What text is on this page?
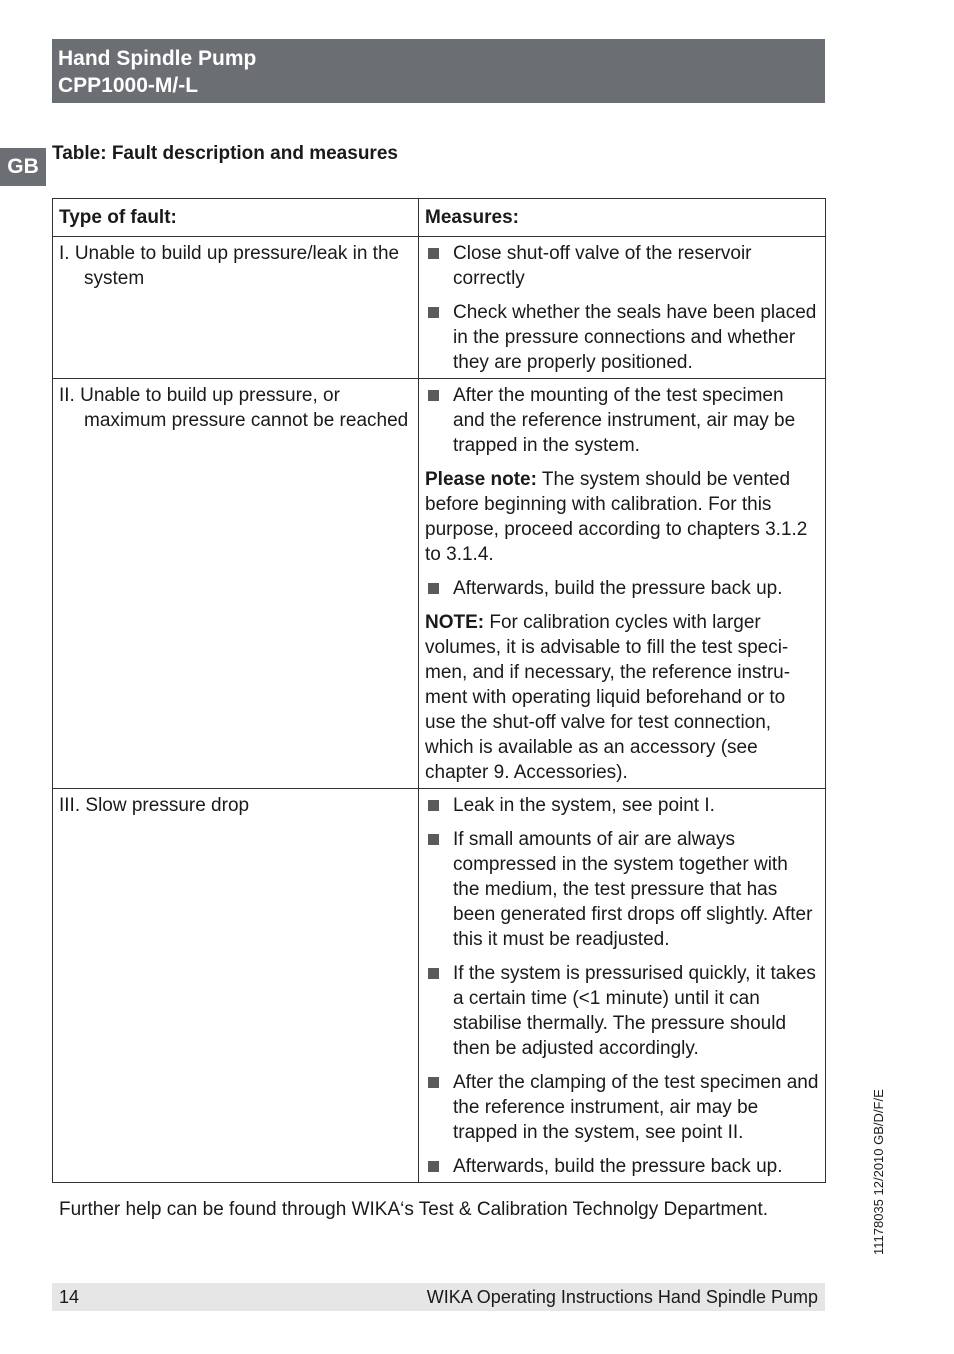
Hand Spindle Pump
CPP1000-M/-L
GB
Table: Fault description and measures
Type of fault:	Measures:

I. Unable to build up pressure/leak in the system	Close shut-off valve of the reservoir correctly
Check whether the seals have been placed in the pressure connections and whether they are properly positioned.

II. Unable to build up pressure, or maximum pressure cannot be reached	After the mounting of the test specimen and the reference instrument, air may be trapped in the system.
Please note: The system should be vented before beginning with calibration. For this purpose, proceed according to chapters 3.1.2 to 3.1.4.
Afterwards, build the pressure back up.
NOTE: For calibration cycles with larger volumes, it is advisable to fill the test speci-men, and if necessary, the reference instru-ment with operating liquid beforehand or to use the shut-off valve for test connection, which is available as an accessory (see chapter 9. Accessories).

III. Slow pressure drop	Leak in the system, see point I.
If small amounts of air are always compressed in the system together with the medium, the test pressure that has been generated first drops off slightly. After this it must be readjusted.
If the system is pressurised quickly, it takes a certain time (<1 minute) until it can stabilise thermally. The pressure should then be adjusted accordingly.
After the clamping of the test specimen and the reference instrument, air may be trapped in the system, see point II.
Afterwards, build the pressure back up.
Further help can be found through WIKA‘s Test & Calibration Technolgy Department.
14	WIKA Operating Instructions Hand Spindle Pump
11178035 12/2010 GB/D/F/E
